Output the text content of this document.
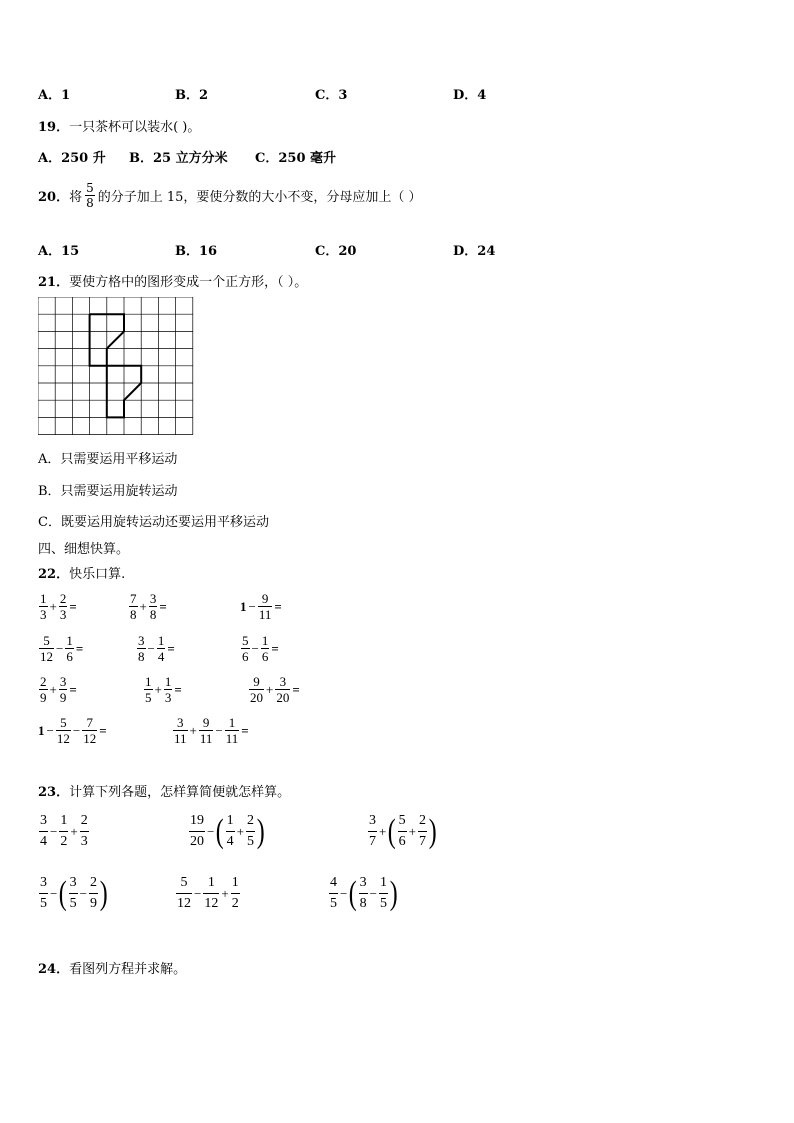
A．1	B．2	C．3	D．4
19．一只茶杯可以装水( )。
A．250 升 B．25 立方分米 C．250 毫升
20． 将 $\frac{5}{8}$ 的分子加上 15，要使分数的大小不变，分母应加上（ ）
A．15	B．16	C．20	D．24
21．要使方格中的图形变成一个正方形，（ ）。
A．只需要运用平移运动
B．只需要运用旋转运动
C．既要运用旋转运动还要运用平移运动
四、细想快算。
22．快乐口算.
$\frac{1}{3} + \frac{2}{3}$ =	$\frac{7}{8} + \frac{3}{8}$ =	$1 - \frac{9}{11}$ =
$\frac{5}{12} - \frac{1}{6}$ =	$\frac{3}{8} - \frac{1}{4}$ =	$\frac{5}{6} - \frac{1}{6}$ =
$\frac{2}{9} + \frac{3}{9}$ =	$\frac{1}{5} + \frac{1}{3}$ =	$\frac{9}{20} + \frac{3}{20}$ =
$1 - \frac{5}{12} - \frac{7}{12}$ =	$\frac{3}{11} + \frac{9}{11} - \frac{1}{11}$ =
23．计算下列各题，怎样算简便就怎样算。
$\frac{3}{4} - \frac{1}{2} + \frac{2}{3}$	$\frac{19}{20}$ − ( $\frac{1}{4} + \frac{2}{5}$ )	$\frac{3}{7}$ + ( $\frac{5}{6} + \frac{2}{7}$ )
$\frac{3}{5}$ − ( $\frac{3}{5} - \frac{2}{9}$ )	$\frac{5}{12} - \frac{1}{12} + \frac{1}{2}$	$\frac{4}{5}$ − ( $\frac{3}{8} - \frac{1}{5}$ )
24．看图列方程并求解。
